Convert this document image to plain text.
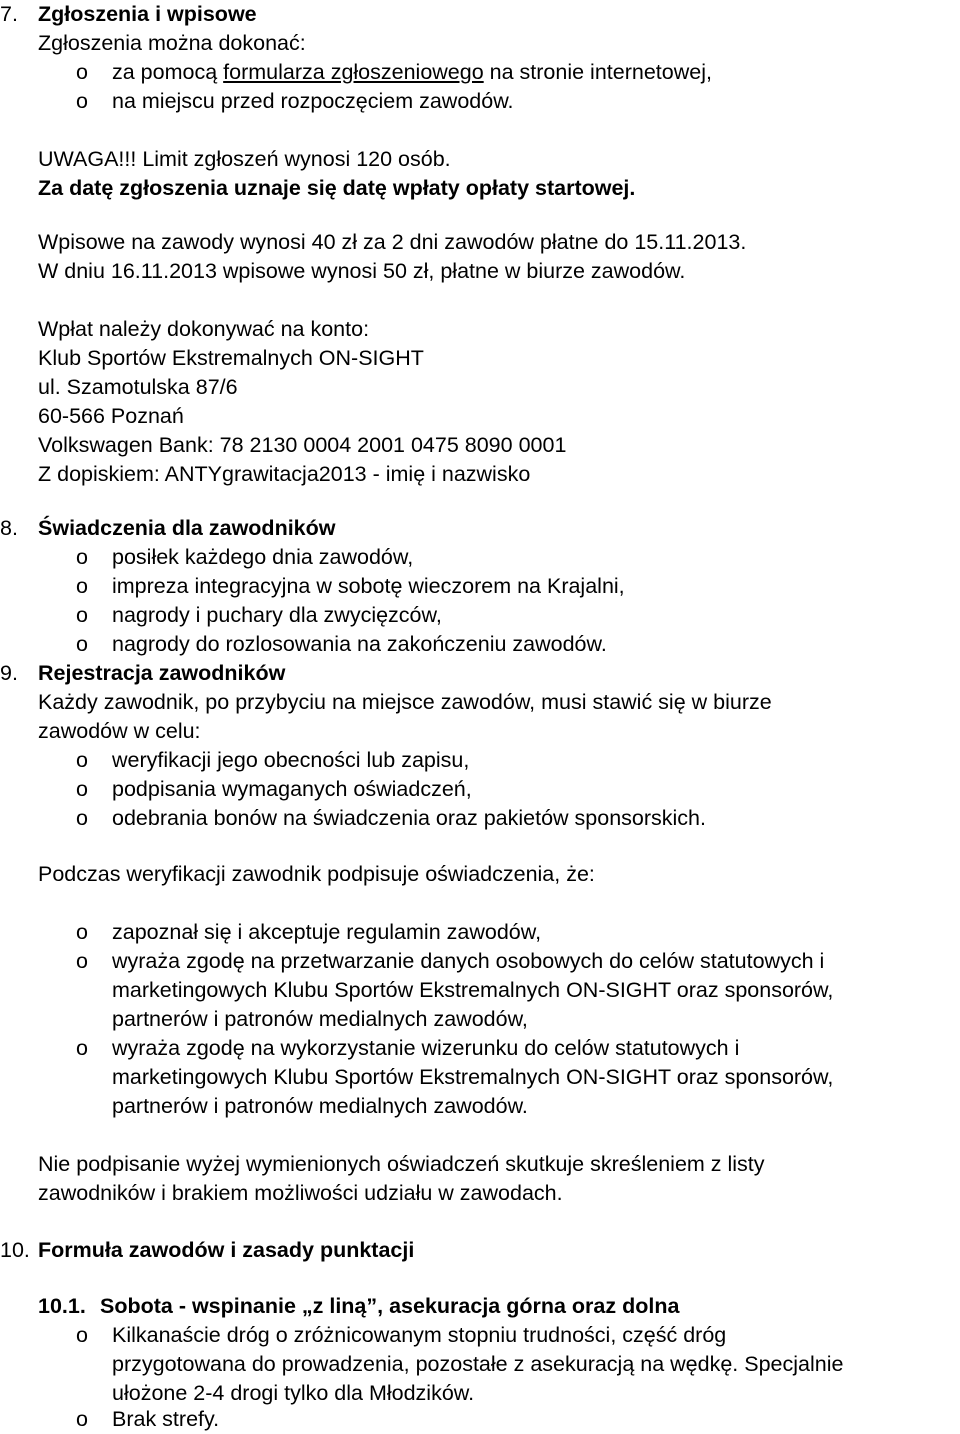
7. Zgłoszenia i wpisowe
Zgłoszenia można dokonać:
o za pomocą formularza zgłoszeniowego na stronie internetowej,
o na miejscu przed rozpoczęciem zawodów.
UWAGA!!! Limit zgłoszeń wynosi 120 osób.
Za datę zgłoszenia uznaje się datę wpłaty opłaty startowej.
Wpisowe na zawody wynosi 40 zł za 2 dni zawodów płatne do 15.11.2013.
W dniu 16.11.2013 wpisowe wynosi 50 zł, płatne w biurze zawodów.
Wpłat należy dokonywać na konto:
Klub Sportów Ekstremalnych ON-SIGHT
ul. Szamotulska 87/6
60-566 Poznań
Volkswagen Bank: 78 2130 0004 2001 0475 8090 0001
Z dopiskiem: ANTYgrawitacja2013 - imię i nazwisko
8. Świadczenia dla zawodników
o posiłek każdego dnia zawodów,
o impreza integracyjna w sobotę wieczorem na Krajalni,
o nagrody i puchary dla zwycięzców,
o nagrody do rozlosowania na zakończeniu zawodów.
9. Rejestracja zawodników
Każdy zawodnik, po przybyciu na miejsce zawodów, musi stawić się w biurze
zawodów w celu:
o weryfikacji jego obecności lub zapisu,
o podpisania wymaganych oświadczeń,
o odebrania bonów na świadczenia oraz pakietów sponsorskich.
Podczas weryfikacji zawodnik podpisuje oświadczenia, że:
o zapoznał się i akceptuje regulamin zawodów,
o wyraża zgodę na przetwarzanie danych osobowych do celów statutowych i
marketingowych Klubu Sportów Ekstremalnych ON-SIGHT oraz sponsorów,
partnerów i patronów medialnych zawodów,
o wyraża zgodę na wykorzystanie wizerunku do celów statutowych i
marketingowych Klubu Sportów Ekstremalnych ON-SIGHT oraz sponsorów,
partnerów i patronów medialnych zawodów.
Nie podpisanie wyżej wymienionych oświadczeń skutkuje skreśleniem z listy
zawodników i brakiem możliwości udziału w zawodach.
10. Formuła zawodów i zasady punktacji
10.1. Sobota - wspinanie „z liną”, asekuracja górna oraz dolna
o Kilkanaście dróg o zróżnicowanym stopniu trudności, część dróg
przygotowana do prowadzenia, pozostałe z asekuracją na wędkę. Specjalnie
ułożone 2-4 drogi tylko dla Młodzików.
o Brak strefy.
